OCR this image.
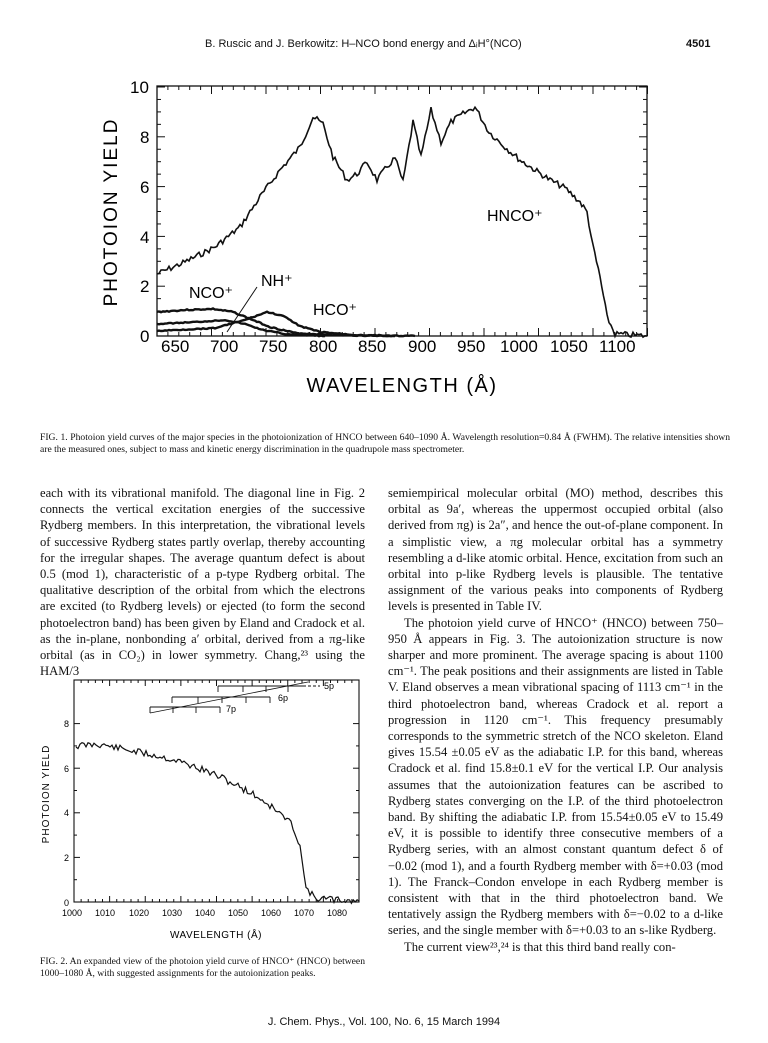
B. Ruscic and J. Berkowitz: H–NCO bond energy and ΔᵢH°(NCO)	4501
650 700 750 800 850 900 950 1000 1050 1100
0
2
4
6
8
10
PHOTOION YIELD
WAVELENGTH (Å)
HNCO⁺
NCO⁺
NH⁺
HCO⁺
FIG. 1. Photoion yield curves of the major species in the photoionization of HNCO between 640–1090 Å. Wavelength resolution=0.84 Å (FWHM). The relative intensities shown are the measured ones, subject to mass and kinetic energy discrimination in the quadrupole mass spectrometer.

each with its vibrational manifold. The diagonal line in Fig. 2 connects the vertical excitation energies of the successive Rydberg members. In this interpretation, the vibrational levels of successive Rydberg states partly overlap, thereby accounting for the irregular shapes. The average quantum defect is about 0.5 (mod 1), characteristic of a p-type Rydberg orbital. The qualitative description of the orbital from which the electrons are excited (to Rydberg levels) or ejected (to form the second photoelectron band) has been given by Eland and Cradock et al. as the in-plane, nonbonding a′ orbital, derived from a πg-like orbital (as in CO₂) in lower symmetry. Chang,²³ using the HAM/3

1000 1010 1020 1030 1040 1050 1060 1070 1080
0
2
4
6
8
PHOTOION YIELD
WAVELENGTH (Å)
5p
6p
7p
FIG. 2. An expanded view of the photoion yield curve of HNCO⁺ (HNCO) between 1000–1080 Å, with suggested assignments for the autoionization peaks.

semiempirical molecular orbital (MO) method, describes this orbital as 9a′, whereas the uppermost occupied orbital (also derived from πg) is 2a″, and hence the out-of-plane component. In a simplistic view, a πg molecular orbital has a symmetry resembling a d-like atomic orbital. Hence, excitation from such an orbital into p-like Rydberg levels is plausible. The tentative assignment of the various peaks into components of Rydberg levels is presented in Table IV.

The photoion yield curve of HNCO⁺ (HNCO) between 750–950 Å appears in Fig. 3. The autoionization structure is now sharper and more prominent. The average spacing is about 1100 cm⁻¹. The peak positions and their assignments are listed in Table V. Eland observes a mean vibrational spacing of 1113 cm⁻¹ in the third photoelectron band, whereas Cradock et al. report a progression in 1120 cm⁻¹. This frequency presumably corresponds to the symmetric stretch of the NCO skeleton. Eland gives 15.54 ±0.05 eV as the adiabatic I.P. for this band, whereas Cradock et al. find 15.8±0.1 eV for the vertical I.P. Our analysis assumes that the autoionization features can be ascribed to Rydberg states converging on the I.P. of the third photoelectron band. By shifting the adiabatic I.P. from 15.54±0.05 eV to 15.49 eV, it is possible to identify three consecutive members of a Rydberg series, with an almost constant quantum defect δ of −0.02 (mod 1), and a fourth Rydberg member with δ=+0.03 (mod 1). The Franck–Condon envelope in each Rydberg member is consistent with that in the third photoelectron band. We tentatively assign the Rydberg members with δ=−0.02 to a d-like series, and the single member with δ=+0.03 to an s-like Rydberg.

The current view²³,²⁴ is that this third band really con-

J. Chem. Phys., Vol. 100, No. 6, 15 March 1994
